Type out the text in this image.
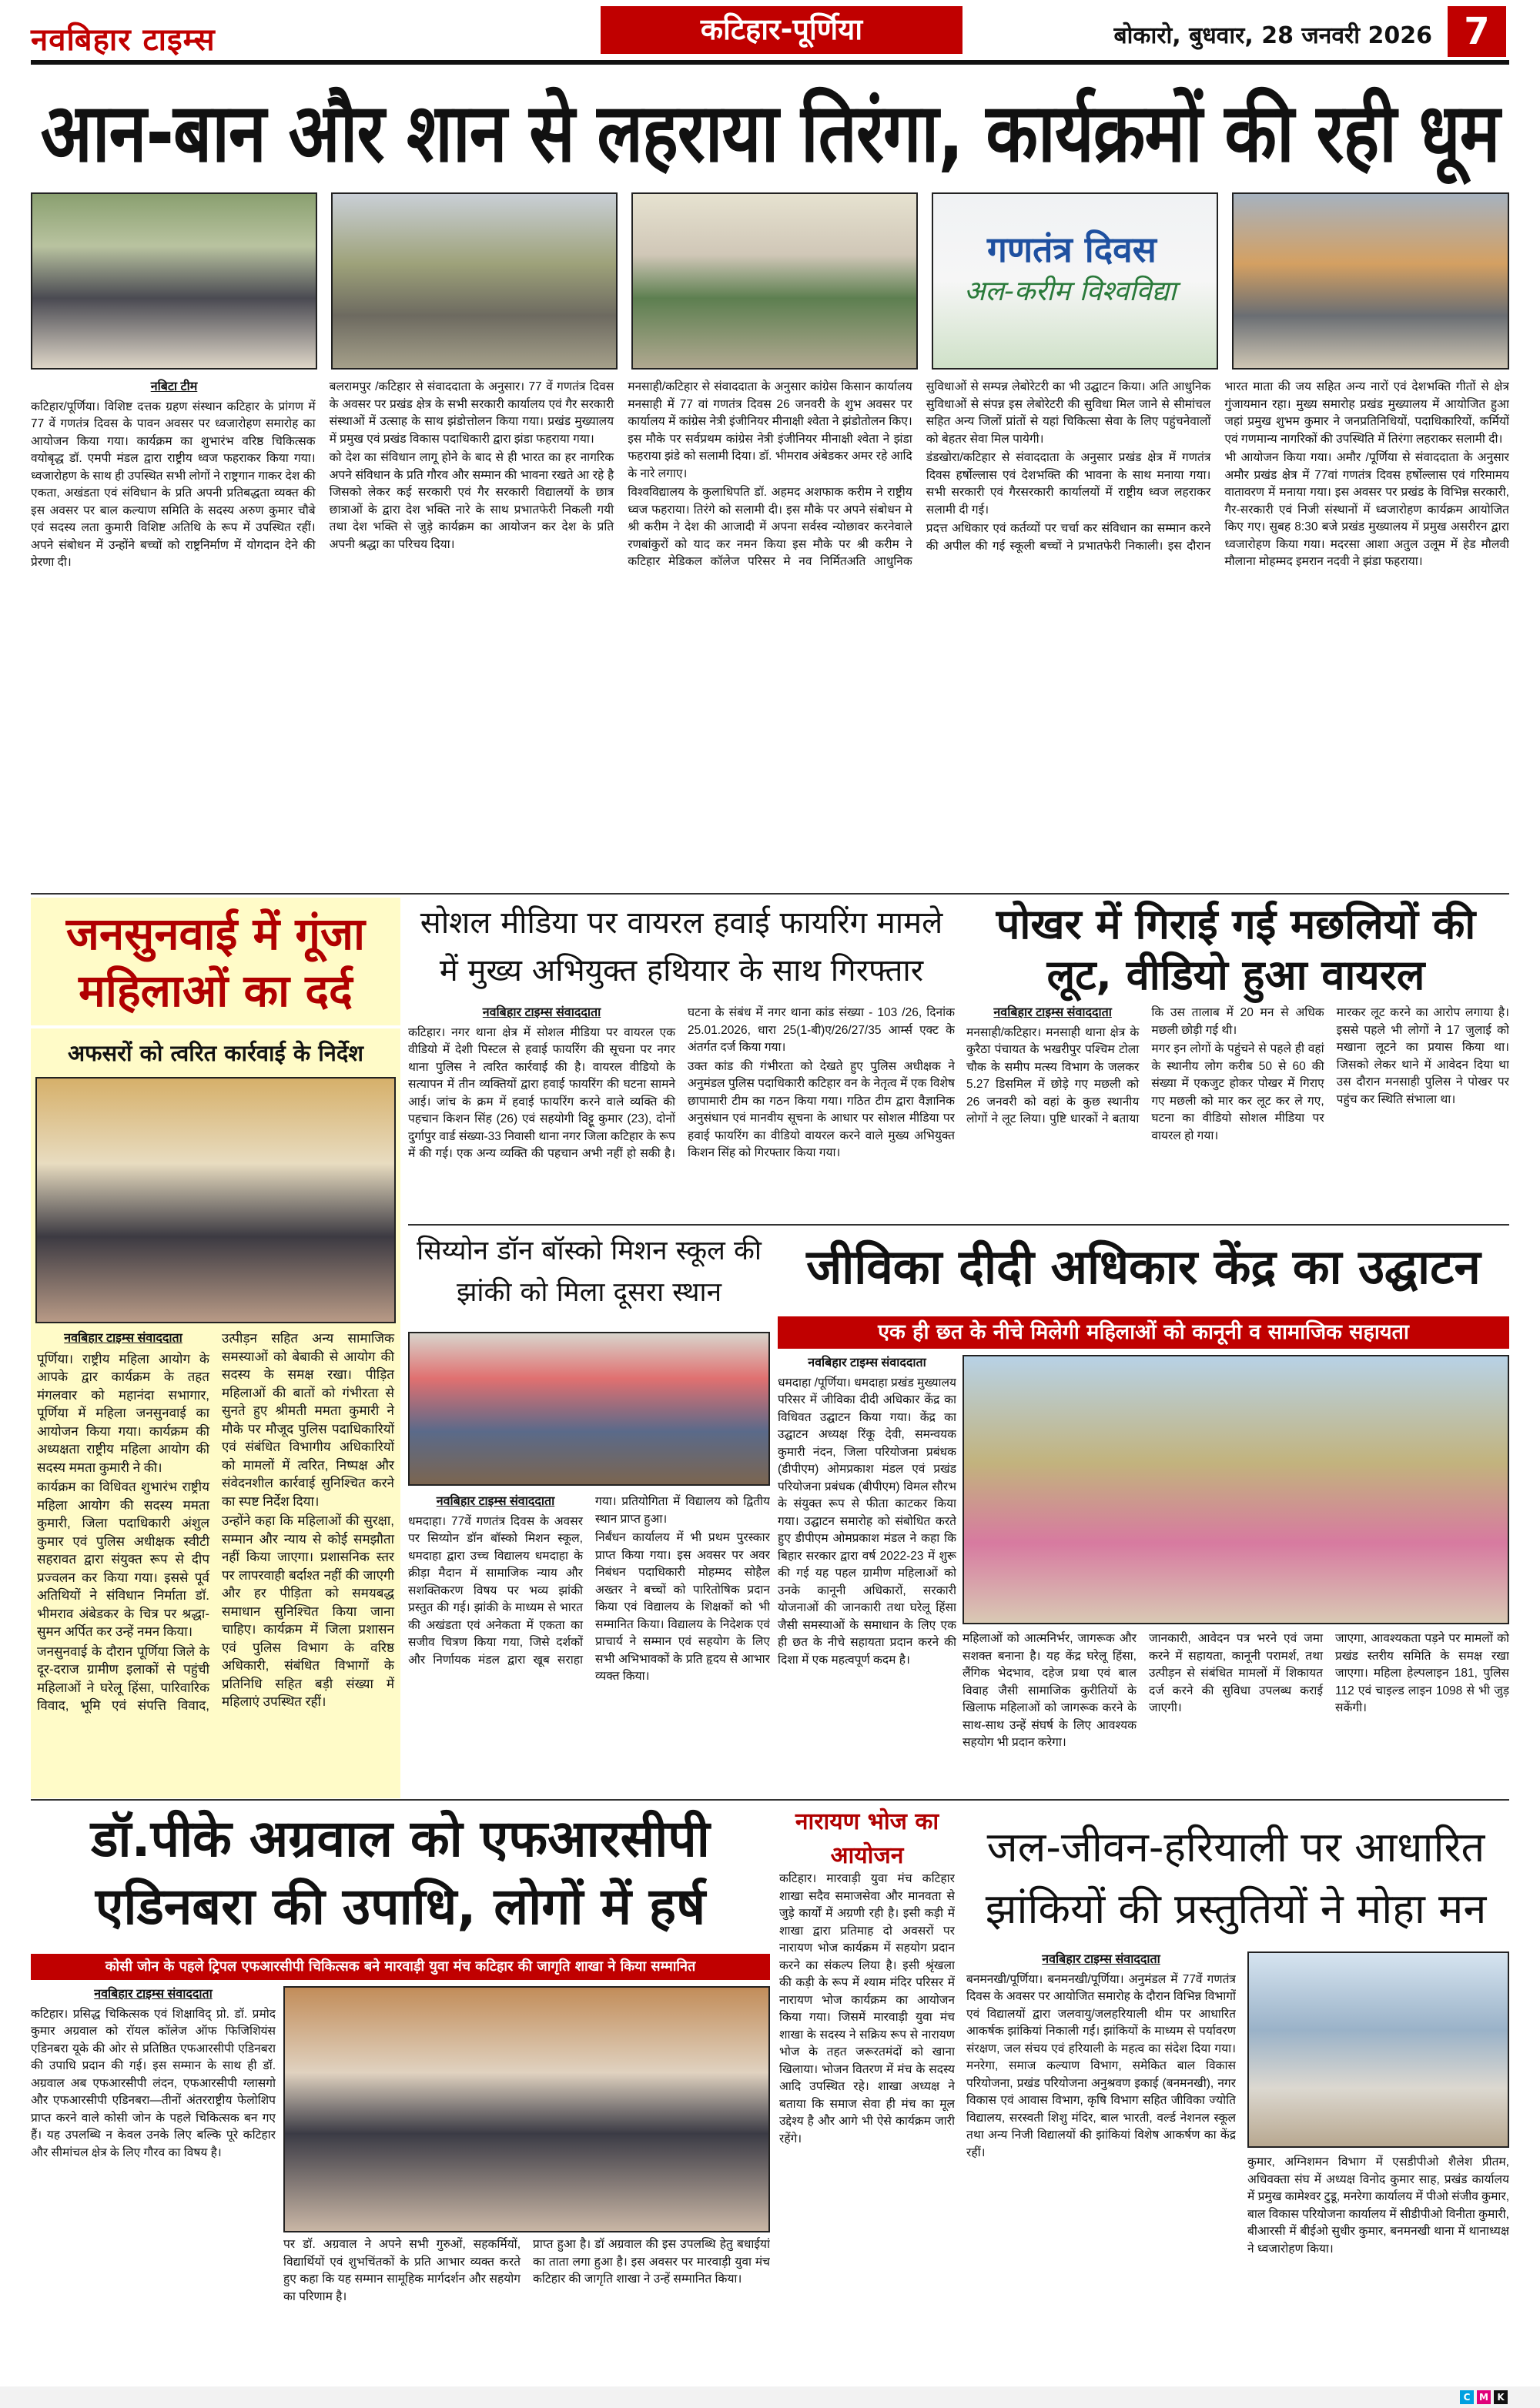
नवबिहार टाइम्स	कटिहार-पूर्णिया	बोकारो, बुधवार, 28 जनवरी 2026 7
आन-बान और शान से लहराया तिरंगा, कार्यक्रमों की रही धूम
गणतंत्र दिवस
अल-करीम विश्वविद्या
नबिटा टीम

कटिहार/पूर्णिया। विशिष्ट दत्तक ग्रहण संस्थान कटिहार के प्रांगण में 77 वें गणतंत्र दिवस के पावन अवसर पर ध्वजारोहण समारोह का आयोजन किया गया। कार्यक्रम का शुभारंभ वरिष्ठ चिकित्सक वयोबृद्ध डॉ. एमपी मंडल द्वारा राष्ट्रीय ध्वज फहराकर किया गया। ध्वजारोहण के साथ ही उपस्थित सभी लोगों ने राष्ट्रगान गाकर देश की एकता, अखंडता एवं संविधान के प्रति अपनी प्रतिबद्धता व्यक्त की इस अवसर पर बाल कल्याण समिति के सदस्य अरुण कुमार चौबे एवं सदस्य लता कुमारी विशिष्ट अतिथि के रूप में उपस्थित रहीं। अपने संबोधन में उन्होंने बच्चों को राष्ट्रनिर्माण में योगदान देने की प्रेरणा दी।

बलरामपुर /कटिहार से संवाददाता के अनुसार। 77 वें गणतंत्र दिवस के अवसर पर प्रखंड क्षेत्र के सभी सरकारी कार्यालय एवं गैर सरकारी संस्थाओं में उत्साह के साथ झंडोत्तोलन किया गया। प्रखंड मुख्यालय में प्रमुख एवं प्रखंड विकास पदाधिकारी द्वारा झंडा फहराया गया।

को देश का संविधान लागू होने के बाद से ही भारत का हर नागरिक अपने संविधान के प्रति गौरव और सम्मान की भावना रखते आ रहे है जिसको लेकर कई सरकारी एवं गैर सरकारी विद्यालयों के छात्र छात्राओं के द्वारा देश भक्ति नारे के साथ प्रभातफेरी निकली गयी तथा देश भक्ति से जुड़े कार्यक्रम का आयोजन कर देश के प्रति अपनी श्रद्धा का परिचय दिया।

मनसाही/कटिहार से संवाददाता के अनुसार कांग्रेस किसान कार्यालय मनसाही में 77 वां गणतंत्र दिवस 26 जनवरी के शुभ अवसर पर कार्यालय में कांग्रेस नेत्री इंजीनियर मीनाक्षी श्वेता ने झंडोतोलन किए। इस मौके पर सर्वप्रथम कांग्रेस नेत्री इंजीनियर मीनाक्षी श्वेता ने झंडा फहराया झंडे को सलामी दिया। डॉ. भीमराव अंबेडकर अमर रहे आदि के नारे लगाए।

विश्वविद्यालय के कुलाधिपति डॉ. अहमद अशफाक करीम ने राष्ट्रीय ध्वज फहराया। तिरंगे को सलामी दी। इस मौके पर अपने संबोधन मे श्री करीम ने देश की आजादी में अपना सर्वस्व न्योछावर करनेवाले रणबांकुरों को याद कर नमन किया इस मौके पर श्री करीम ने कटिहार मेडिकल कॉलेज परिसर मे नव निर्मितअति आधुनिक सुविधाओं से सम्पन्न लेबोरेटरी का भी उद्घाटन किया। अति आधुनिक सुविधाओं से संपन्न इस लेबोरेटरी की सुविधा मिल जाने से सीमांचल सहित अन्य जिलों प्रांतों से यहां चिकित्सा सेवा के लिए पहुंचनेवालों को बेहतर सेवा मिल पायेगी।

डंडखोरा/कटिहार से संवाददाता के अनुसार प्रखंड क्षेत्र में गणतंत्र दिवस हर्षोल्लास एवं देशभक्ति की भावना के साथ मनाया गया। सभी सरकारी एवं गैरसरकारी कार्यालयों में राष्ट्रीय ध्वज लहराकर सलामी दी गई।

प्रदत्त अधिकार एवं कर्तव्यों पर चर्चा कर संविधान का सम्मान करने की अपील की गई स्कूली बच्चों ने प्रभातफेरी निकाली। इस दौरान भारत माता की जय सहित अन्य नारों एवं देशभक्ति गीतों से क्षेत्र गुंजायमान रहा। मुख्य समारोह प्रखंड मुख्यालय में आयोजित हुआ जहां प्रमुख शुभम कुमार ने जनप्रतिनिधियों, पदाधिकारियों, कर्मियों एवं गणमान्य नागरिकों की उपस्थिति में तिरंगा लहराकर सलामी दी।

भी आयोजन किया गया। अमौर /पूर्णिया से संवाददाता के अनुसार अमौर प्रखंड क्षेत्र में 77वां गणतंत्र दिवस हर्षोल्लास एवं गरिमामय वातावरण में मनाया गया। इस अवसर पर प्रखंड के विभिन्न सरकारी, गैर-सरकारी एवं निजी संस्थानों में ध्वजारोहण कार्यक्रम आयोजित किए गए। सुबह 8:30 बजे प्रखंड मुख्यालय में प्रमुख असरीरन द्वारा ध्वजारोहण किया गया। मदरसा आशा अतुल उलूम में हेड मौलवी मौलाना मोहम्मद इमरान नदवी ने झंडा फहराया।

जनसुनवाई में गूंजा महिलाओं का दर्द
अफसरों को त्वरित कार्रवाई के निर्देश
नवबिहार टाइम्स संवाददाता

पूर्णिया। राष्ट्रीय महिला आयोग के आपके द्वार कार्यक्रम के तहत मंगलवार को महानंदा सभागार, पूर्णिया में महिला जनसुनवाई का आयोजन किया गया। कार्यक्रम की अध्यक्षता राष्ट्रीय महिला आयोग की सदस्य ममता कुमारी ने की।

कार्यक्रम का विधिवत शुभारंभ राष्ट्रीय महिला आयोग की सदस्य ममता कुमारी, जिला पदाधिकारी अंशुल कुमार एवं पुलिस अधीक्षक स्वीटी सहरावत द्वारा संयुक्त रूप से दीप प्रज्वलन कर किया गया। इससे पूर्व अतिथियों ने संविधान निर्माता डॉ. भीमराव अंबेडकर के चित्र पर श्रद्धा-सुमन अर्पित कर उन्हें नमन किया।

जनसुनवाई के दौरान पूर्णिया जिले के दूर-दराज ग्रामीण इलाकों से पहुंची महिलाओं ने घरेलू हिंसा, पारिवारिक विवाद, भूमि एवं संपत्ति विवाद, उत्पीड़न सहित अन्य सामाजिक समस्याओं को बेबाकी से आयोग की सदस्य के समक्ष रखा। पीड़ित महिलाओं की बातों को गंभीरता से सुनते हुए श्रीमती ममता कुमारी ने मौके पर मौजूद पुलिस पदाधिकारियों एवं संबंधित विभागीय अधिकारियों को मामलों में त्वरित, निष्पक्ष और संवेदनशील कार्रवाई सुनिश्चित करने का स्पष्ट निर्देश दिया।

उन्होंने कहा कि महिलाओं की सुरक्षा, सम्मान और न्याय से कोई समझौता नहीं किया जाएगा। प्रशासनिक स्तर पर लापरवाही बर्दाश्त नहीं की जाएगी और हर पीड़िता को समयबद्ध समाधान सुनिश्चित किया जाना चाहिए। कार्यक्रम में जिला प्रशासन एवं पुलिस विभाग के वरिष्ठ अधिकारी, संबंधित विभागों के प्रतिनिधि सहित बड़ी संख्या में महिलाएं उपस्थित रहीं।

सोशल मीडिया पर वायरल हवाई फायरिंग मामले में मुख्य अभियुक्त हथियार के साथ गिरफ्तार
नवबिहार टाइम्स संवाददाता

कटिहार। नगर थाना क्षेत्र में सोशल मीडिया पर वायरल एक वीडियो में देशी पिस्टल से हवाई फायरिंग की सूचना पर नगर थाना पुलिस ने त्वरित कार्रवाई की है। वायरल वीडियो के सत्यापन में तीन व्यक्तियों द्वारा हवाई फायरिंग की घटना सामने आई। जांच के क्रम में हवाई फायरिंग करने वाले व्यक्ति की पहचान किशन सिंह (26) एवं सहयोगी विट्टू कुमार (23), दोनों दुर्गापुर वार्ड संख्या-33 निवासी थाना नगर जिला कटिहार के रूप में की गई। एक अन्य व्यक्ति की पहचान अभी नहीं हो सकी है। घटना के संबंध में नगर थाना कांड संख्या - 103 /26, दिनांक 25.01.2026, धारा 25(1-बी)ए/26/27/35 आर्म्स एक्ट के अंतर्गत दर्ज किया गया।

उक्त कांड की गंभीरता को देखते हुए पुलिस अधीक्षक ने अनुमंडल पुलिस पदाधिकारी कटिहार वन के नेतृत्व में एक विशेष छापामारी टीम का गठन किया गया। गठित टीम द्वारा वैज्ञानिक अनुसंधान एवं मानवीय सूचना के आधार पर सोशल मीडिया पर हवाई फायरिंग का वीडियो वायरल करने वाले मुख्य अभियुक्त किशन सिंह को गिरफ्तार किया गया।

पोखर में गिराई गई मछलियों की लूट, वीडियो हुआ वायरल
नवबिहार टाइम्स संवाददाता

मनसाही/कटिहार। मनसाही थाना क्षेत्र के कुरैठा पंचायत के भखरीपुर पश्चिम टोला चौक के समीप मत्स्य विभाग के जलकर 5.27 डिसमिल में छोड़े गए मछली को 26 जनवरी को वहां के कुछ स्थानीय लोगों ने लूट लिया। पुष्टि धारकों ने बताया कि उस तालाब में 20 मन से अधिक मछली छोड़ी गई थी।

मगर इन लोगों के पहुंचने से पहले ही वहां के स्थानीय लोग करीब 50 से 60 की संख्या में एकजुट होकर पोखर में गिराए गए मछली को मार कर लूट कर ले गए, घटना का वीडियो सोशल मीडिया पर वायरल हो गया।

मारकर लूट करने का आरोप लगाया है। इससे पहले भी लोगों ने 17 जुलाई को मखाना लूटने का प्रयास किया था। जिसको लेकर थाने में आवेदन दिया था उस दौरान मनसाही पुलिस ने पोखर पर पहुंच कर स्थिति संभाला था।

सिय्योन डॉन बॉस्को मिशन स्कूल की झांकी को मिला दूसरा स्थान
नवबिहार टाइम्स संवाददाता

धमदाहा। 77वें गणतंत्र दिवस के अवसर पर सिय्योन डॉन बॉस्को मिशन स्कूल, धमदाहा द्वारा उच्च विद्यालय धमदाहा के क्रीड़ा मैदान में सामाजिक न्याय और सशक्तिकरण विषय पर भव्य झांकी प्रस्तुत की गई। झांकी के माध्यम से भारत की अखंडता एवं अनेकता में एकता का सजीव चित्रण किया गया, जिसे दर्शकों और निर्णायक मंडल द्वारा खूब सराहा गया। प्रतियोगिता में विद्यालय को द्वितीय स्थान प्राप्त हुआ।

निर्बंधन कार्यालय में भी प्रथम पुरस्कार प्राप्त किया गया। इस अवसर पर अवर निबंधन पदाधिकारी मोहम्मद सोहैल अख्तर ने बच्चों को पारितोषिक प्रदान किया एवं विद्यालय के शिक्षकों को भी सम्मानित किया। विद्यालय के निदेशक एवं प्राचार्य ने सम्मान एवं सहयोग के लिए सभी अभिभावकों के प्रति हृदय से आभार व्यक्त किया।

जीविका दीदी अधिकार केंद्र का उद्घाटन
एक ही छत के नीचे मिलेगी महिलाओं को कानूनी व सामाजिक सहायता
नवबिहार टाइम्स संवाददाता

धमदाहा /पूर्णिया। धमदाहा प्रखंड मुख्यालय परिसर में जीविका दीदी अधिकार केंद्र का विधिवत उद्घाटन किया गया। केंद्र का उद्घाटन अध्यक्ष रिंकू देवी, समन्वयक कुमारी नंदन, जिला परियोजना प्रबंधक (डीपीएम) ओमप्रकाश मंडल एवं प्रखंड परियोजना प्रबंधक (बीपीएम) विमल सौरभ के संयुक्त रूप से फीता काटकर किया गया। उद्घाटन समारोह को संबोधित करते हुए डीपीएम ओमप्रकाश मंडल ने कहा कि बिहार सरकार द्वारा वर्ष 2022-23 में शुरू की गई यह पहल ग्रामीण महिलाओं को उनके कानूनी अधिकारों, सरकारी योजनाओं की जानकारी तथा घरेलू हिंसा जैसी समस्याओं के समाधान के लिए एक ही छत के नीचे सहायता प्रदान करने की दिशा में एक महत्वपूर्ण कदम है।

महिलाओं को आत्मनिर्भर, जागरूक और सशक्त बनाना है। यह केंद्र घरेलू हिंसा, लैंगिक भेदभाव, दहेज प्रथा एवं बाल विवाह जैसी सामाजिक कुरीतियों के खिलाफ महिलाओं को जागरूक करने के साथ-साथ उन्हें संघर्ष के लिए आवश्यक सहयोग भी प्रदान करेगा।

जानकारी, आवेदन पत्र भरने एवं जमा करने में सहायता, कानूनी परामर्श, तथा उत्पीड़न से संबंधित मामलों में शिकायत दर्ज करने की सुविधा उपलब्ध कराई जाएगी।

जाएगा, आवश्यकता पड़ने पर मामलों को प्रखंड स्तरीय समिति के समक्ष रखा जाएगा। महिला हेल्पलाइन 181, पुलिस 112 एवं चाइल्ड लाइन 1098 से भी जुड़ सकेंगी।

डॉ.पीके अग्रवाल को एफआरसीपी एडिनबरा की उपाधि, लोगों में हर्ष
कोसी जोन के पहले ट्रिपल एफआरसीपी चिकित्सक बने मारवाड़ी युवा मंच कटिहार की जागृति शाखा ने किया सम्मानित
नवबिहार टाइम्स संवाददाता

कटिहार। प्रसिद्ध चिकित्सक एवं शिक्षाविद् प्रो. डॉ. प्रमोद कुमार अग्रवाल को रॉयल कॉलेज ऑफ फिजिशियंस एडिनबरा यूके की ओर से प्रतिष्ठित एफआरसीपी एडिनबरा की उपाधि प्रदान की गई। इस सम्मान के साथ ही डॉ. अग्रवाल अब एफआरसीपी लंदन, एफआरसीपी ग्लासगो और एफआरसीपी एडिनबरा—तीनों अंतरराष्ट्रीय फेलोशिप प्राप्त करने वाले कोसी जोन के पहले चिकित्सक बन गए हैं। यह उपलब्धि न केवल उनके लिए बल्कि पूरे कटिहार और सीमांचल क्षेत्र के लिए गौरव का विषय है।

पर डॉ. अग्रवाल ने अपने सभी गुरुओं, सहकर्मियों, विद्यार्थियों एवं शुभचिंतकों के प्रति आभार व्यक्त करते हुए कहा कि यह सम्मान सामूहिक मार्गदर्शन और सहयोग का परिणाम है।

प्राप्त हुआ है। डॉ अग्रवाल की इस उपलब्धि हेतु बधाईयां का ताता लगा हुआ है। इस अवसर पर मारवाड़ी युवा मंच कटिहार की जागृति शाखा ने उन्हें सम्मानित किया।

नारायण भोज का आयोजन

कटिहार। मारवाड़ी युवा मंच कटिहार शाखा सदैव समाजसेवा और मानवता से जुड़े कार्यों में अग्रणी रही है। इसी कड़ी में शाखा द्वारा प्रतिमाह दो अवसरों पर नारायण भोज कार्यक्रम में सहयोग प्रदान करने का संकल्प लिया है। इसी श्रृंखला की कड़ी के रूप में श्याम मंदिर परिसर में नारायण भोज कार्यक्रम का आयोजन किया गया। जिसमें मारवाड़ी युवा मंच शाखा के सदस्य ने सक्रिय रूप से नारायण भोज के तहत जरूरतमंदों को खाना खिलाया। भोजन वितरण में मंच के सदस्य आदि उपस्थित रहे। शाखा अध्यक्ष ने बताया कि समाज सेवा ही मंच का मूल उद्देश्य है और आगे भी ऐसे कार्यक्रम जारी रहेंगे।

जल-जीवन-हरियाली पर आधारित झांकियों की प्रस्तुतियों ने मोहा मन
नवबिहार टाइम्स संवाददाता

बनमनखी/पूर्णिया। बनमनखी/पूर्णिया। अनुमंडल में 77वें गणतंत्र दिवस के अवसर पर आयोजित समारोह के दौरान विभिन्न विभागों एवं विद्यालयों द्वारा जलवायु/जलहरियाली थीम पर आधारित आकर्षक झांकियां निकाली गईं। झांकियों के माध्यम से पर्यावरण संरक्षण, जल संचय एवं हरियाली के महत्व का संदेश दिया गया। मनरेगा, समाज कल्याण विभाग, समेकित बाल विकास परियोजना, प्रखंड परियोजना अनुश्रवण इकाई (बनमनखी), नगर विकास एवं आवास विभाग, कृषि विभाग सहित जीविका ज्योति विद्यालय, सरस्वती शिशु मंदिर, बाल भारती, वर्ल्ड नेशनल स्कूल तथा अन्य निजी विद्यालयों की झांकियां विशेष आकर्षण का केंद्र रहीं।

कुमार, अग्निशमन विभाग में एसडीपीओ शैलेश प्रीतम, अधिवक्ता संघ में अध्यक्ष विनोद कुमार साह, प्रखंड कार्यालय में प्रमुख कामेश्वर टुडू, मनरेगा कार्यालय में पीओ संजीव कुमार, बाल विकास परियोजना कार्यालय में सीडीपीओ विनीता कुमारी, बीआरसी में बीईओ सुधीर कुमार, बनमनखी थाना में थानाध्यक्ष ने ध्वजारोहण किया।

C M K
